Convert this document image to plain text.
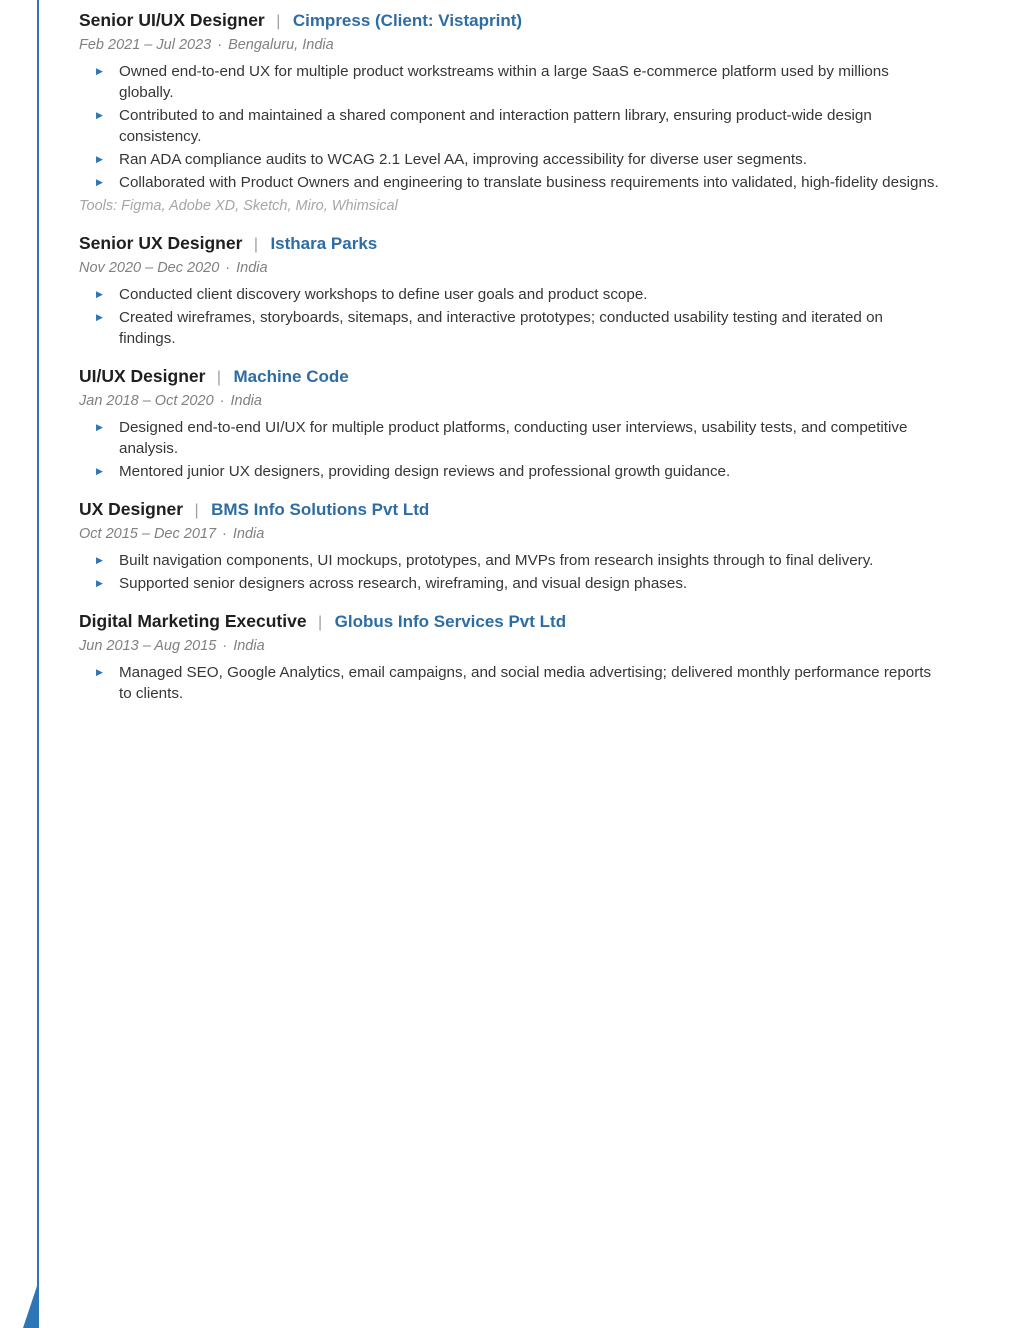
Senior UI/UX Designer | Cimpress (Client: Vistaprint)
Feb 2021 – Jul 2023 · Bengaluru, India
▶	Owned end-to-end UX for multiple product workstreams within a large SaaS e-commerce platform used by millions globally.
▶	Contributed to and maintained a shared component and interaction pattern library, ensuring product-wide design consistency.
▶	Ran ADA compliance audits to WCAG 2.1 Level AA, improving accessibility for diverse user segments.
▶	Collaborated with Product Owners and engineering to translate business requirements into validated, high-fidelity designs.
Tools: Figma, Adobe XD, Sketch, Miro, Whimsical
Senior UX Designer | Isthara Parks
Nov 2020 – Dec 2020 · India
▶	Conducted client discovery workshops to define user goals and product scope.
▶	Created wireframes, storyboards, sitemaps, and interactive prototypes; conducted usability testing and iterated on findings.
UI/UX Designer | Machine Code
Jan 2018 – Oct 2020 · India
▶	Designed end-to-end UI/UX for multiple product platforms, conducting user interviews, usability tests, and competitive analysis.
▶	Mentored junior UX designers, providing design reviews and professional growth guidance.
UX Designer | BMS Info Solutions Pvt Ltd
Oct 2015 – Dec 2017 · India
▶	Built navigation components, UI mockups, prototypes, and MVPs from research insights through to final delivery.
▶	Supported senior designers across research, wireframing, and visual design phases.
Digital Marketing Executive | Globus Info Services Pvt Ltd
Jun 2013 – Aug 2015 · India
▶	Managed SEO, Google Analytics, email campaigns, and social media advertising; delivered monthly performance reports to clients.
